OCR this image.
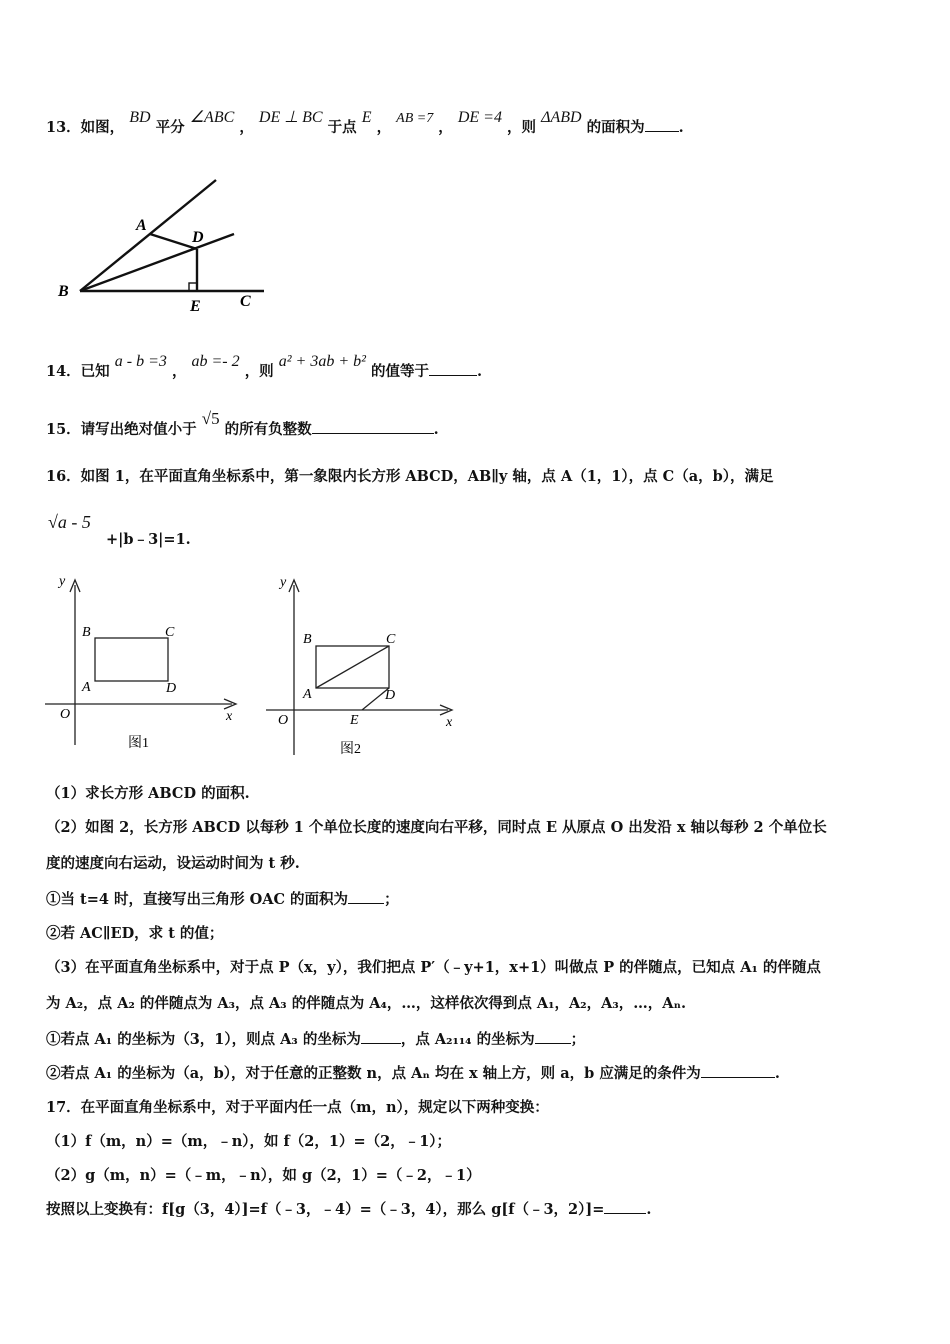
13．如图， BD 平分 ∠ABC ， DE ⊥ BC 于点 E ， AB =7 ， DE =4 ，则 ΔABD 的面积为 .
A
D
B
E C
14．已知 a - b =3 ， ab =- 2 ，则 a² + 3ab + b² 的值等于	.
15．请写出绝对值小于 √5 的所有负整数	.
16．如图 1，在平面直角坐标系中，第一象限内长方形 ABCD，AB∥y 轴，点 A（1，1），点 C（a，b），满足
√a - 5
+|b﹣3|=1.
y
x
O
B	C
A	D
图1
y
x
O
B	C
A	D
E
图2
（1）求长方形 ABCD 的面积.
（2）如图 2，长方形 ABCD 以每秒 1 个单位长度的速度向右平移，同时点 E 从原点 O 出发沿 x 轴以每秒 2 个单位长
度的速度向右运动，设运动时间为 t 秒.
①当 t=4 时，直接写出三角形 OAC 的面积为 ；
②若 AC∥ED，求 t 的值；
（3）在平面直角坐标系中，对于点 P（x，y），我们把点 P′（﹣y+1，x+1）叫做点 P 的伴随点，已知点 A₁ 的伴随点
为 A₂，点 A₂ 的伴随点为 A₃，点 A₃ 的伴随点为 A₄，…，这样依次得到点 A₁，A₂，A₃，…，Aₙ.
①若点 A₁ 的坐标为（3，1），则点 A₃ 的坐标为	，点 A₂₁₁₄ 的坐标为 ；
②若点 A₁ 的坐标为（a，b），对于任意的正整数 n，点 Aₙ 均在 x 轴上方，则 a，b 应满足的条件为	.
17．在平面直角坐标系中，对于平面内任一点（m，n），规定以下两种变换：
（1）f（m，n）=（m，﹣n），如 f（2，1）=（2，﹣1）；
（2）g（m，n）=（﹣m，﹣n），如 g（2，1）=（﹣2，﹣1）
按照以上变换有：f[g（3，4）]=f（﹣3，﹣4）=（﹣3，4），那么 g[f（﹣3，2）]=	.
